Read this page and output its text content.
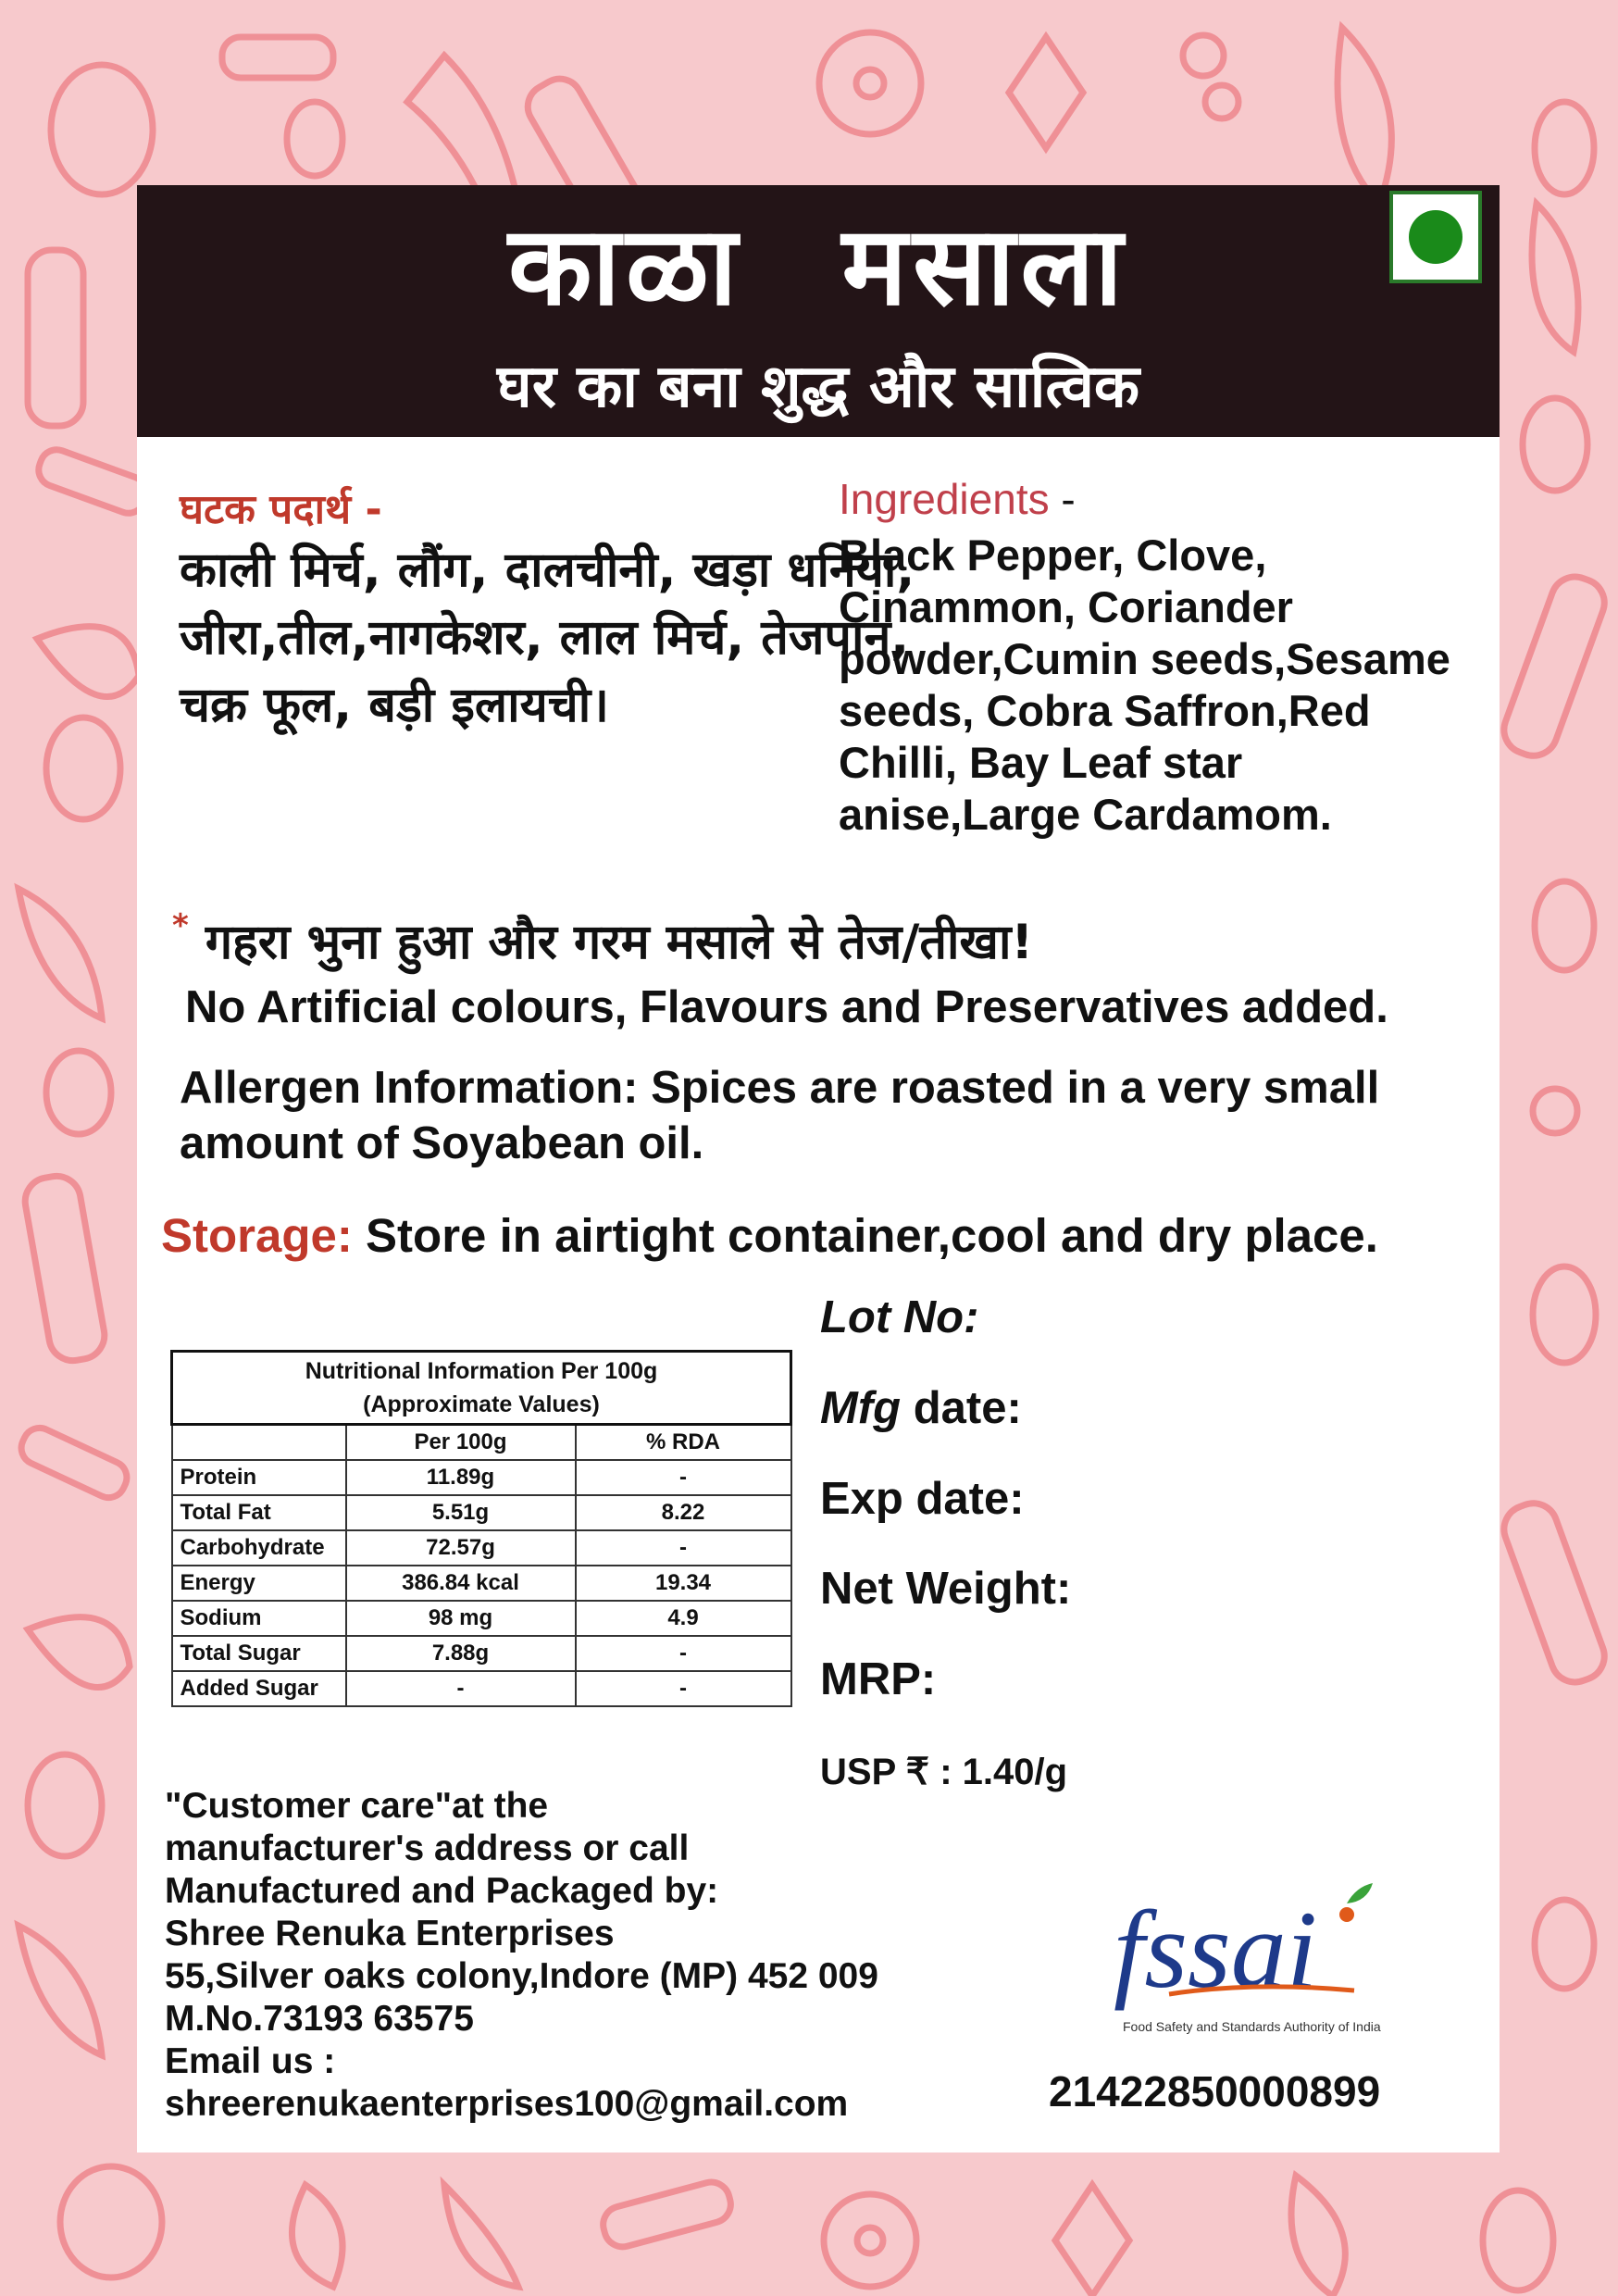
काळा मसाला
घर का बना शुद्ध और सात्विक
घटक पदार्थ -
काली मिर्च, लौंग, दालचीनी, खड़ा धनिया, जीरा,तील,नागकेशर, लाल मिर्च, तेजपान, चक्र फूल, बड़ी इलायची।
Ingredients -
Black Pepper, Clove, Cinammon, Coriander powder,Cumin seeds,Sesame seeds, Cobra Saffron,Red Chilli, Bay Leaf star anise,Large Cardamom.
* गहरा भुना हुआ और गरम मसाले से तेज/तीखा!
No Artificial colours, Flavours and Preservatives added.
Allergen Information: Spices are roasted in a very small amount of Soyabean oil.
Storage: Store in airtight container,cool and dry place.
Nutritional Information Per 100g
(Approximate Values)		
	Per 100g	% RDA
Protein	11.89g	-
Total Fat	5.51g	8.22
Carbohydrate	72.57g	-
Energy	386.84 kcal	19.34
Sodium	98 mg	4.9
Total Sugar	7.88g	-
Added Sugar	-	-
Lot No:
Mfg date:
Exp date:
Net Weight:
MRP:
USP ₹ : 1.40/g
"Customer care"at the
manufacturer's address or call
Manufactured and Packaged by:
Shree Renuka Enterprises
55,Silver oaks colony,Indore (MP) 452 009
M.No.73193 63575
Email us :
shreerenukaenterprises100@gmail.com
fssai
Food Safety and Standards Authority of India
21422850000899
